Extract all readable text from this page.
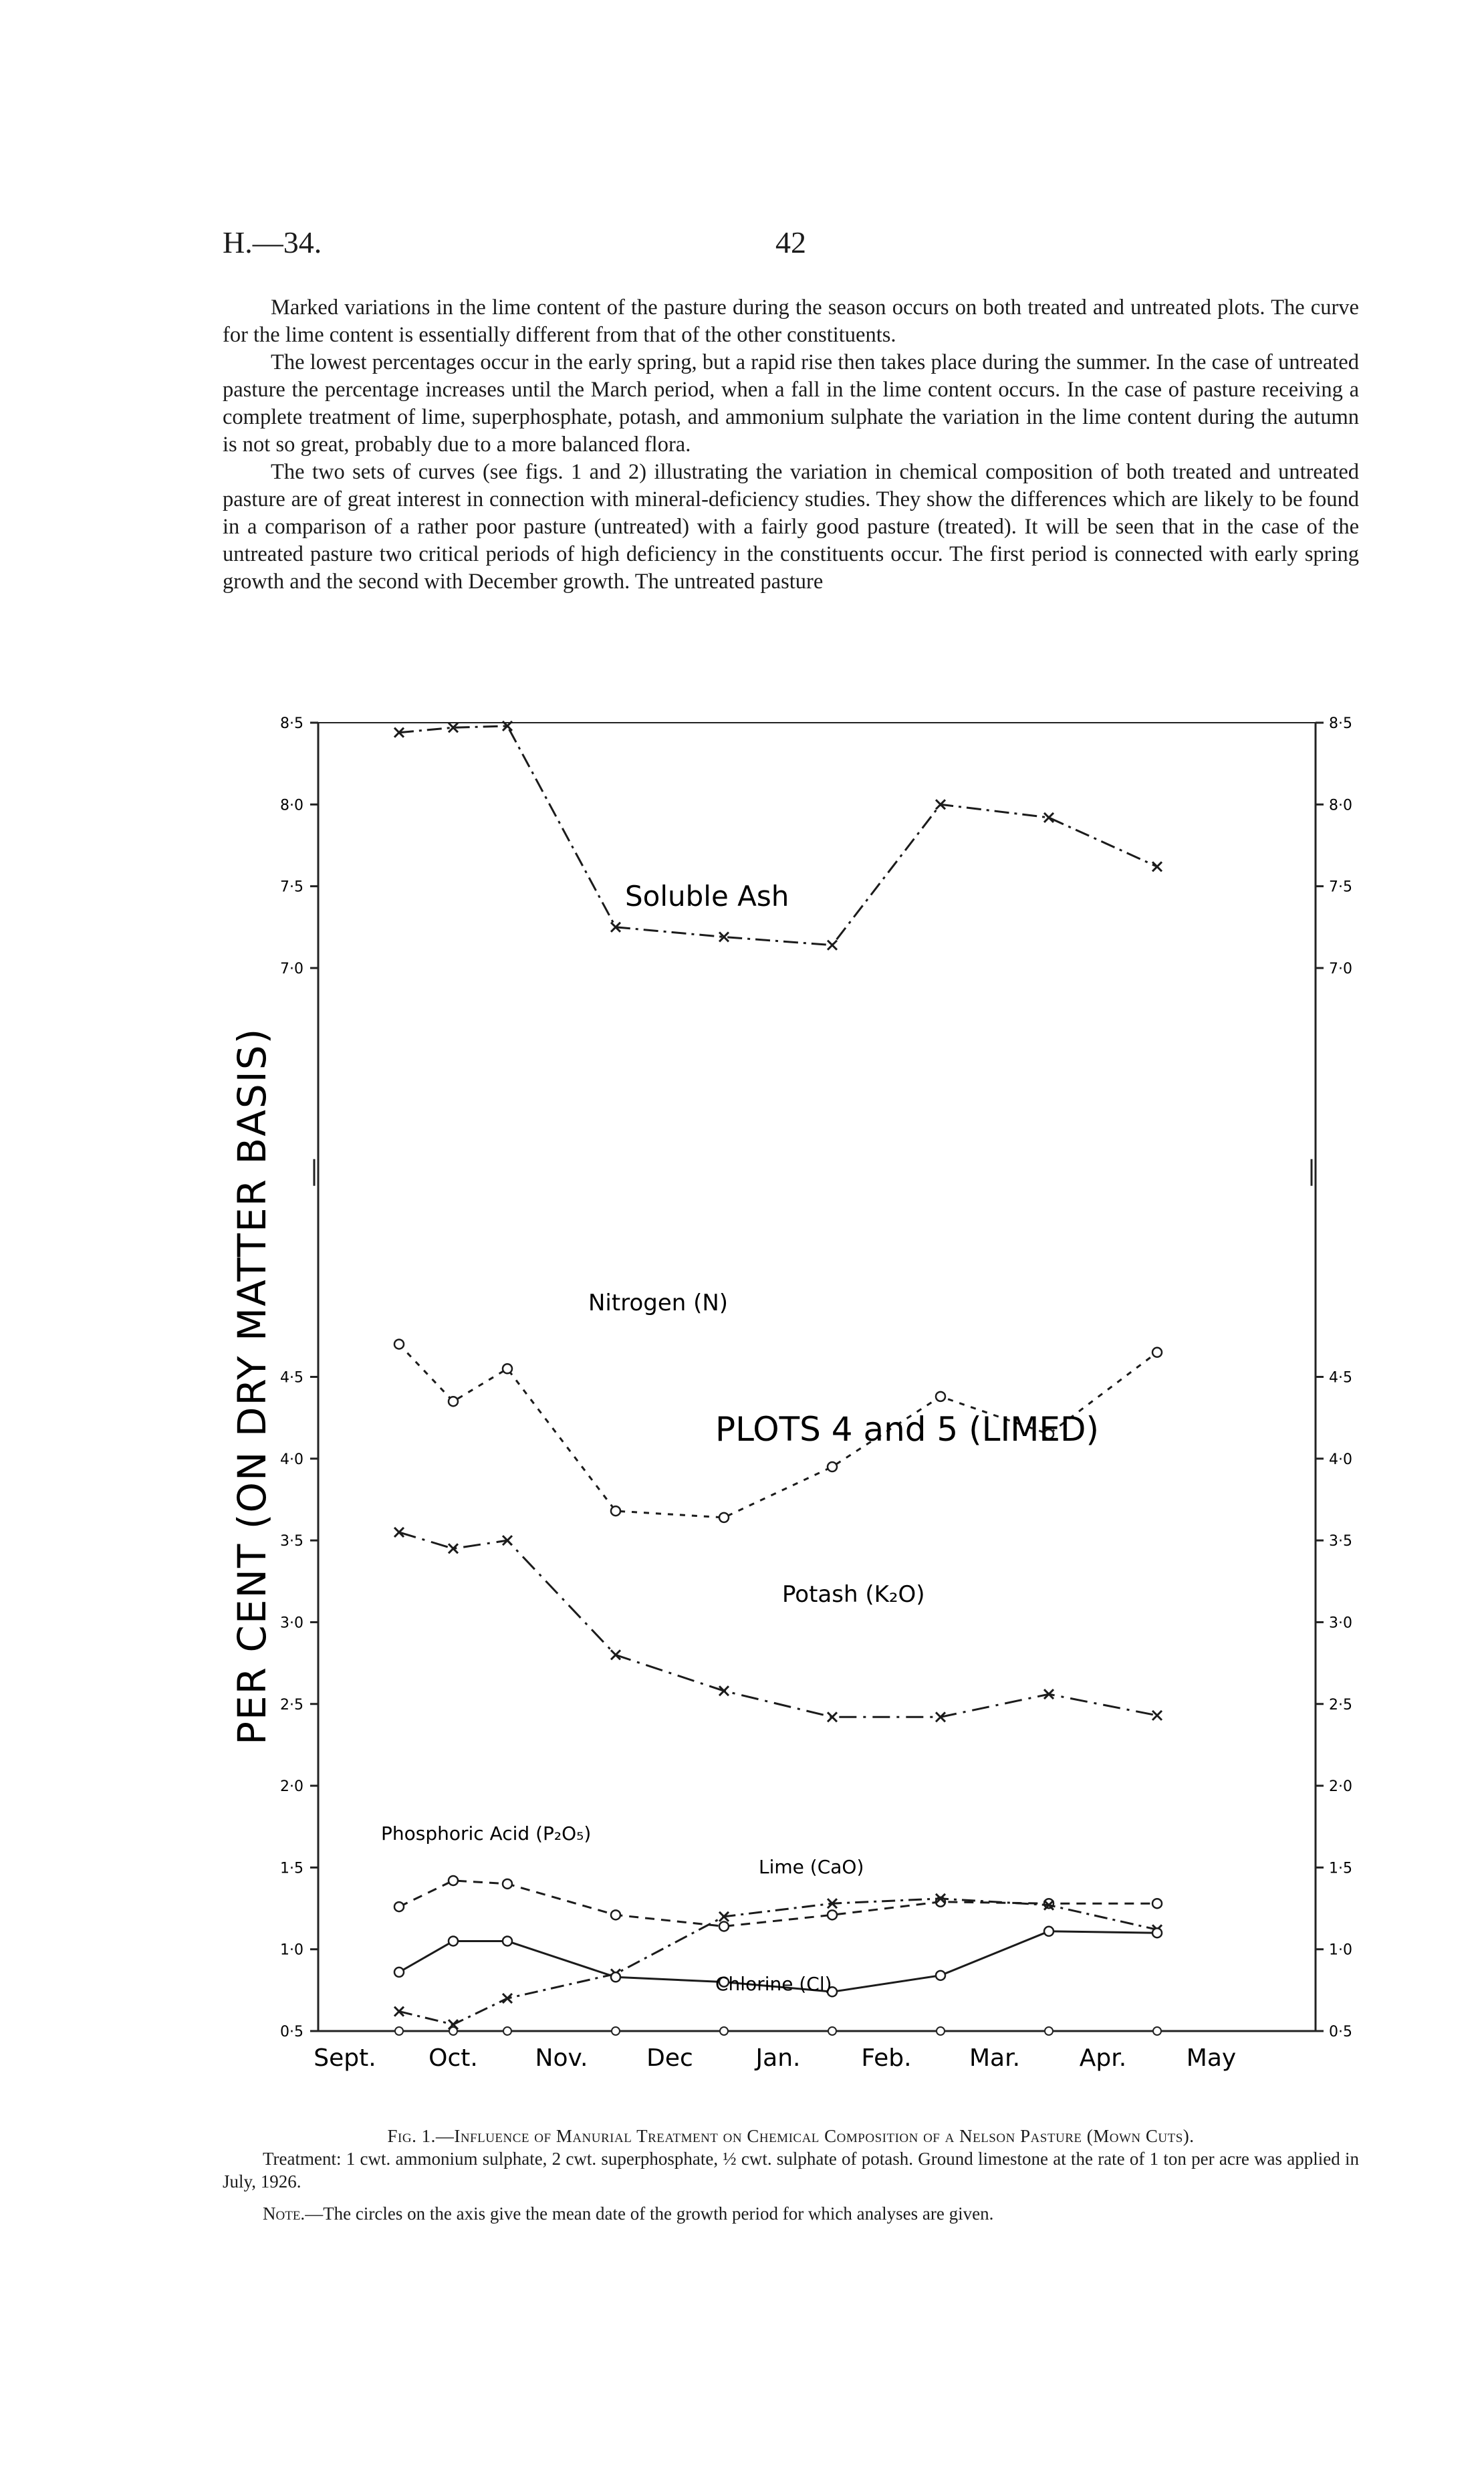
H.—34.	42

Marked variations in the lime content of the pasture during the season occurs on both treated and untreated plots. The curve for the lime content is essentially different from that of the other constituents.

The lowest percentages occur in the early spring, but a rapid rise then takes place during the summer. In the case of untreated pasture the percentage increases until the March period, when a fall in the lime content occurs. In the case of pasture receiving a complete treatment of lime, superphosphate, potash, and ammonium sulphate the variation in the lime content during the autumn is not so great, probably due to a more balanced flora.

The two sets of curves (see figs. 1 and 2) illustrating the variation in chemical composition of both treated and untreated pasture are of great interest in connection with mineral-deficiency studies. They show the differences which are likely to be found in a comparison of a rather poor pasture (untreated) with a fairly good pasture (treated). It will be seen that in the case of the untreated pasture two critical periods of high deficiency in the constituents occur. The first period is connected with early spring growth and the second with December growth. The untreated pasture

0·5	0·5
1·0	1·0
1·5	1·5
2·0	2·0
2·5	2·5
3·0	3·0
3·5	3·5
4·0	4·0
4·5	4·5
7·0	7·0
7·5	7·5
8·0	8·0
8·5	8·5
Sept. Oct. Nov. Dec	Jan.	Feb. Mar. Apr. May
Soluble Ash
Nitrogen (N)
Potash (K₂O)
Phosphoric Acid (P₂O₅)
Lime (CaO)
Chlorine (Cl)
PLOTS 4 and 5 (LIMED)
PER CENT (ON DRY MATTER BASIS)

Fig. 1.—Influence of Manurial Treatment on Chemical Composition of a Nelson Pasture (Mown Cuts).

Treatment: 1 cwt. ammonium sulphate, 2 cwt. superphosphate, ½ cwt. sulphate of potash. Ground limestone at the rate of 1 ton per acre was applied in July, 1926.

Note.—The circles on the axis give the mean date of the growth period for which analyses are given.
